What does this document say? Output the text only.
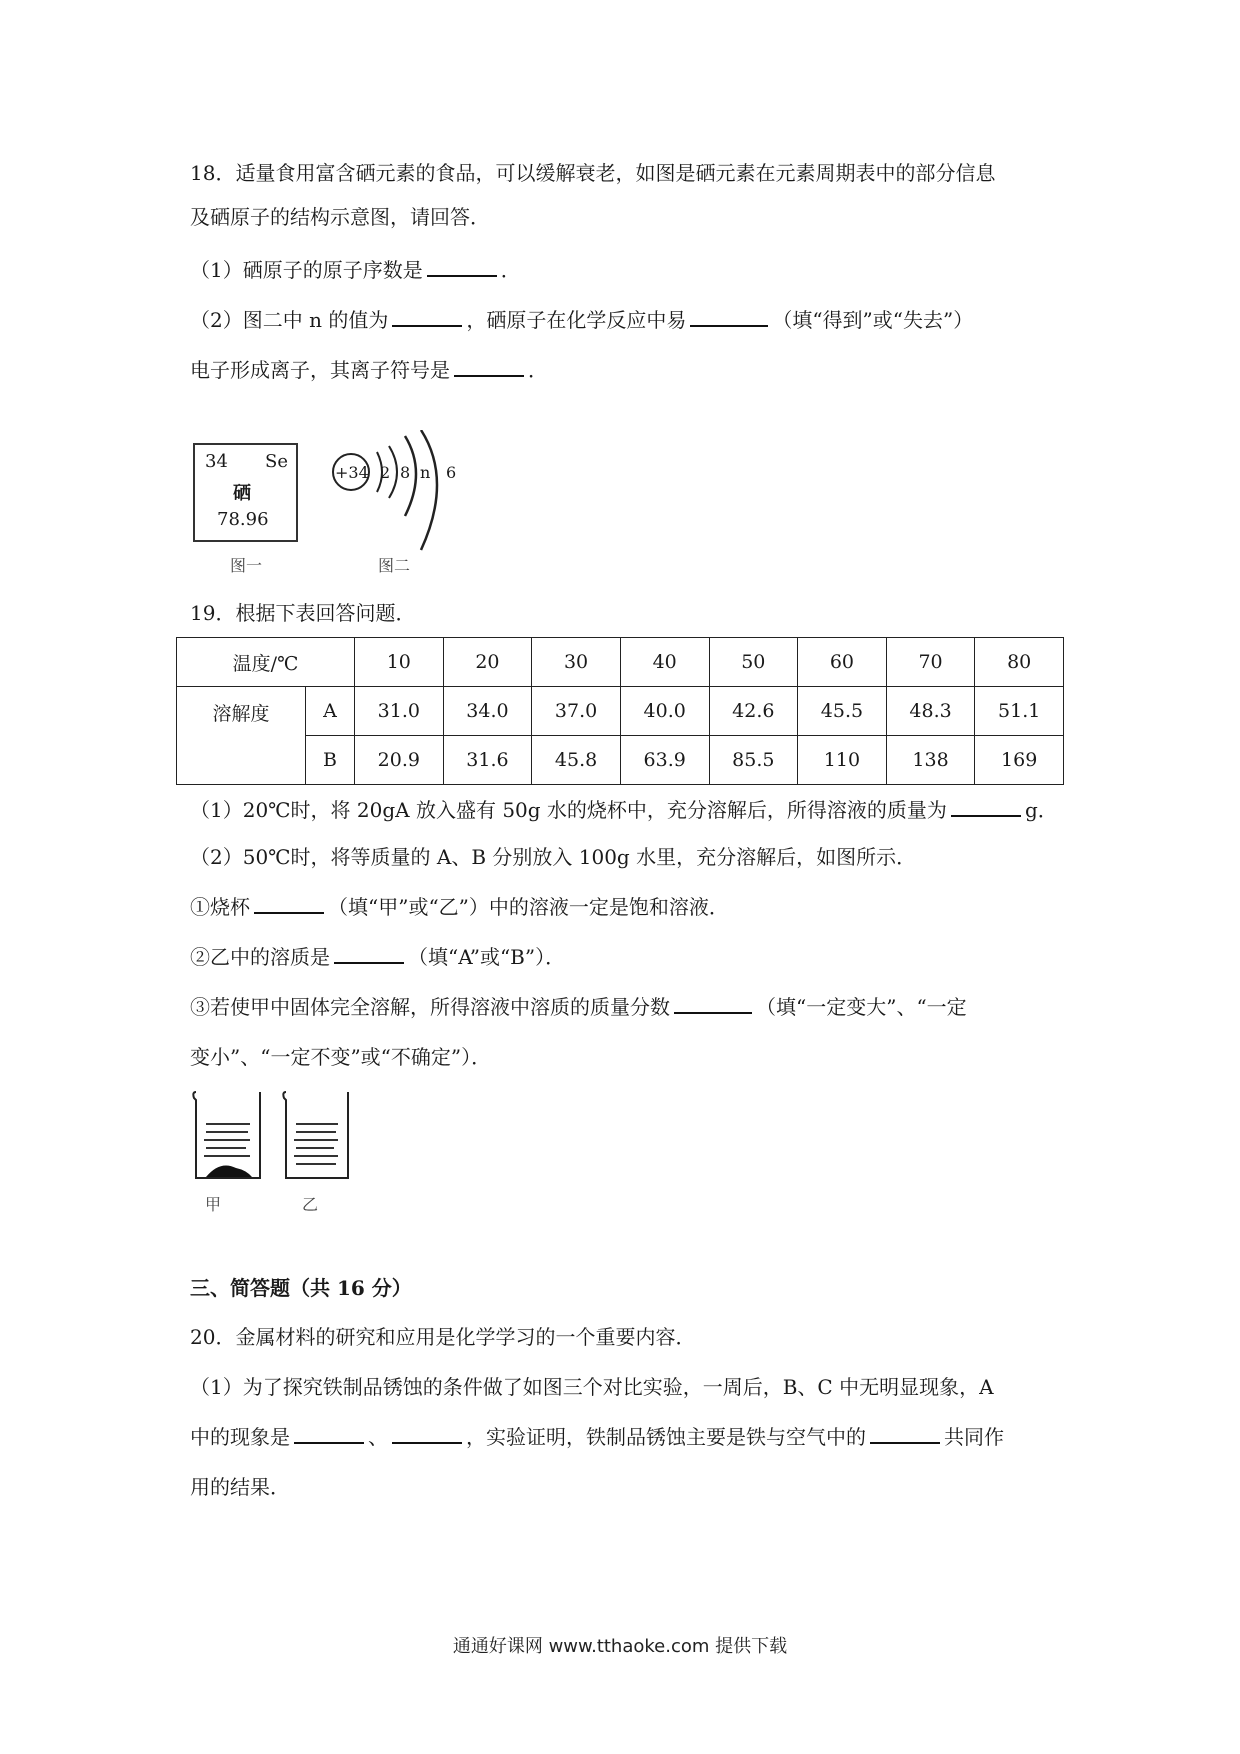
18．适量食用富含硒元素的食品，可以缓解衰老，如图是硒元素在元素周期表中的部分信息
及硒原子的结构示意图，请回答．
（1）硒原子的原子序数是	．
（2）图二中 n 的值为	，硒原子在化学反应中易	（填“得到”或“失去”）
电子形成离子，其离子符号是	．
34 Se
硒
78.96
图一
+34 2 8 n 6
图二
19．根据下表回答问题．
温度/℃		10	20	30	40	50	60	70	80
溶解度	A	31.0	34.0	37.0	40.0	42.6	45.5	48.3	51.1
	B	20.9	31.6	45.8	63.9	85.5	110	138	169
（1）20℃时，将 20gA 放入盛有 50g 水的烧杯中，充分溶解后，所得溶液的质量为	g．
（2）50℃时，将等质量的 A、B 分别放入 100g 水里，充分溶解后，如图所示．
①烧杯	（填“甲”或“乙”）中的溶液一定是饱和溶液．
②乙中的溶质是	（填“A”或“B”）．
③若使甲中固体完全溶解，所得溶液中溶质的质量分数	（填“一定变大”、“一定
变小”、“一定不变”或“不确定”）．
甲	乙
三、简答题（共 16 分）
20．金属材料的研究和应用是化学学习的一个重要内容．
（1）为了探究铁制品锈蚀的条件做了如图三个对比实验，一周后，B、C 中无明显现象，A
中的现象是	、	，实验证明，铁制品锈蚀主要是铁与空气中的	共同作
用的结果．
通通好课网 www.tthaoke.com 提供下载
